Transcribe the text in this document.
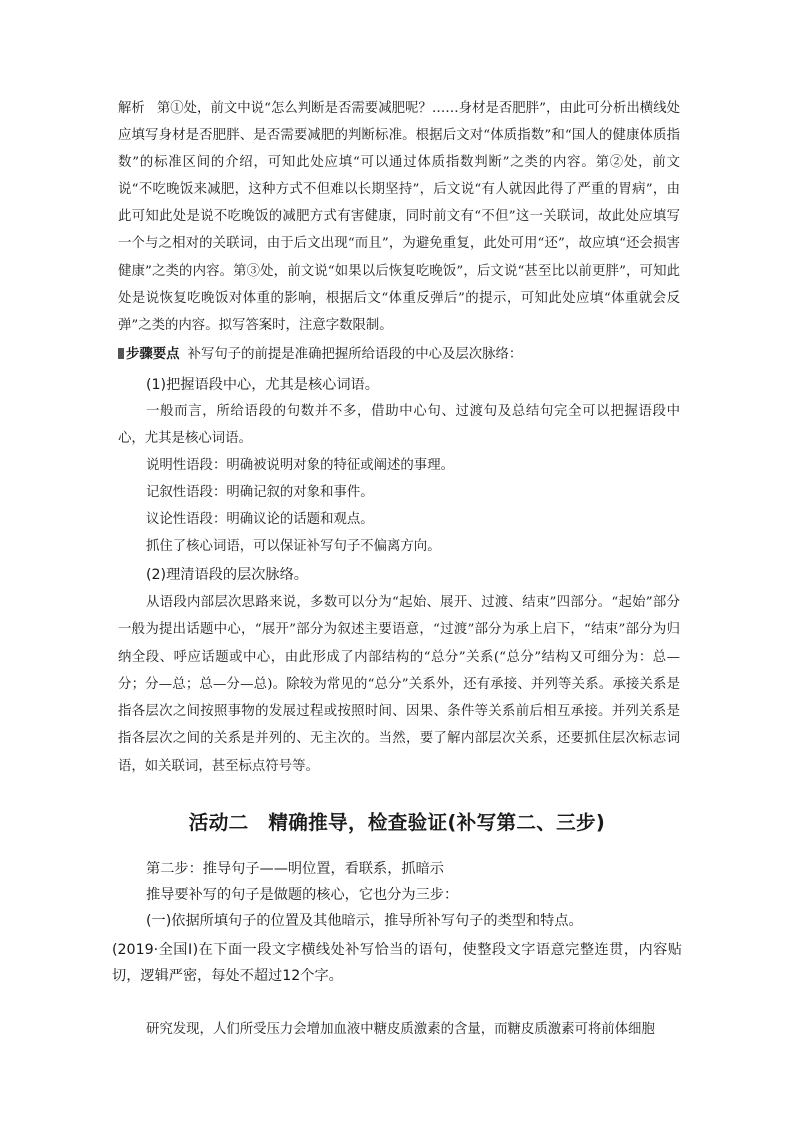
解析 第①处，前文中说“怎么判断是否需要减肥呢？……身材是否肥胖”，由此可分析出横线处应填写身材是否肥胖、是否需要减肥的判断标准。根据后文对“体质指数”和“国人的健康体质指数”的标准区间的介绍，可知此处应填“可以通过体质指数判断”之类的内容。第②处，前文说“不吃晚饭来减肥，这种方式不但难以长期坚持”，后文说“有人就因此得了严重的胃病”，由此可知此处是说不吃晚饭的减肥方式有害健康，同时前文有“不但”这一关联词，故此处应填写一个与之相对的关联词，由于后文出现“而且”，为避免重复，此处可用“还”，故应填“还会损害健康”之类的内容。第③处，前文说“如果以后恢复吃晚饭”，后文说“甚至比以前更胖”，可知此处是说恢复吃晚饭对体重的影响，根据后文“体重反弹后”的提示，可知此处应填“体重就会反弹”之类的内容。拟写答案时，注意字数限制。

步骤要点 补写句子的前提是准确把握所给语段的中心及层次脉络：

(1)把握语段中心，尤其是核心词语。

一般而言，所给语段的句数并不多，借助中心句、过渡句及总结句完全可以把握语段中心，尤其是核心词语。

说明性语段：明确被说明对象的特征或阐述的事理。

记叙性语段：明确记叙的对象和事件。

议论性语段：明确议论的话题和观点。

抓住了核心词语，可以保证补写句子不偏离方向。

(2)理清语段的层次脉络。

从语段内部层次思路来说，多数可以分为“起始、展开、过渡、结束”四部分。“起始”部分一般为提出话题中心，“展开”部分为叙述主要语意，“过渡”部分为承上启下，“结束”部分为归纳全段、呼应话题或中心，由此形成了内部结构的“总分”关系(“总分”结构又可细分为：总—分；分—总；总—分—总)。除较为常见的“总分”关系外，还有承接、并列等关系。承接关系是指各层次之间按照事物的发展过程或按照时间、因果、条件等关系前后相互承接。并列关系是指各层次之间的关系是并列的、无主次的。当然，要了解内部层次关系，还要抓住层次标志词语，如关联词，甚至标点符号等。

活动二　精确推导，检查验证(补写第二、三步)

第二步：推导句子——明位置，看联系，抓暗示

推导要补写的句子是做题的核心，它也分为三步：

(一)依据所填句子的位置及其他暗示，推导所补写句子的类型和特点。

(2019·全国Ⅰ)在下面一段文字横线处补写恰当的语句，使整段文字语意完整连贯，内容贴切，逻辑严密，每处不超过12个字。

研究发现，人们所受压力会增加血液中糖皮质激素的含量，而糖皮质激素可将前体细胞
